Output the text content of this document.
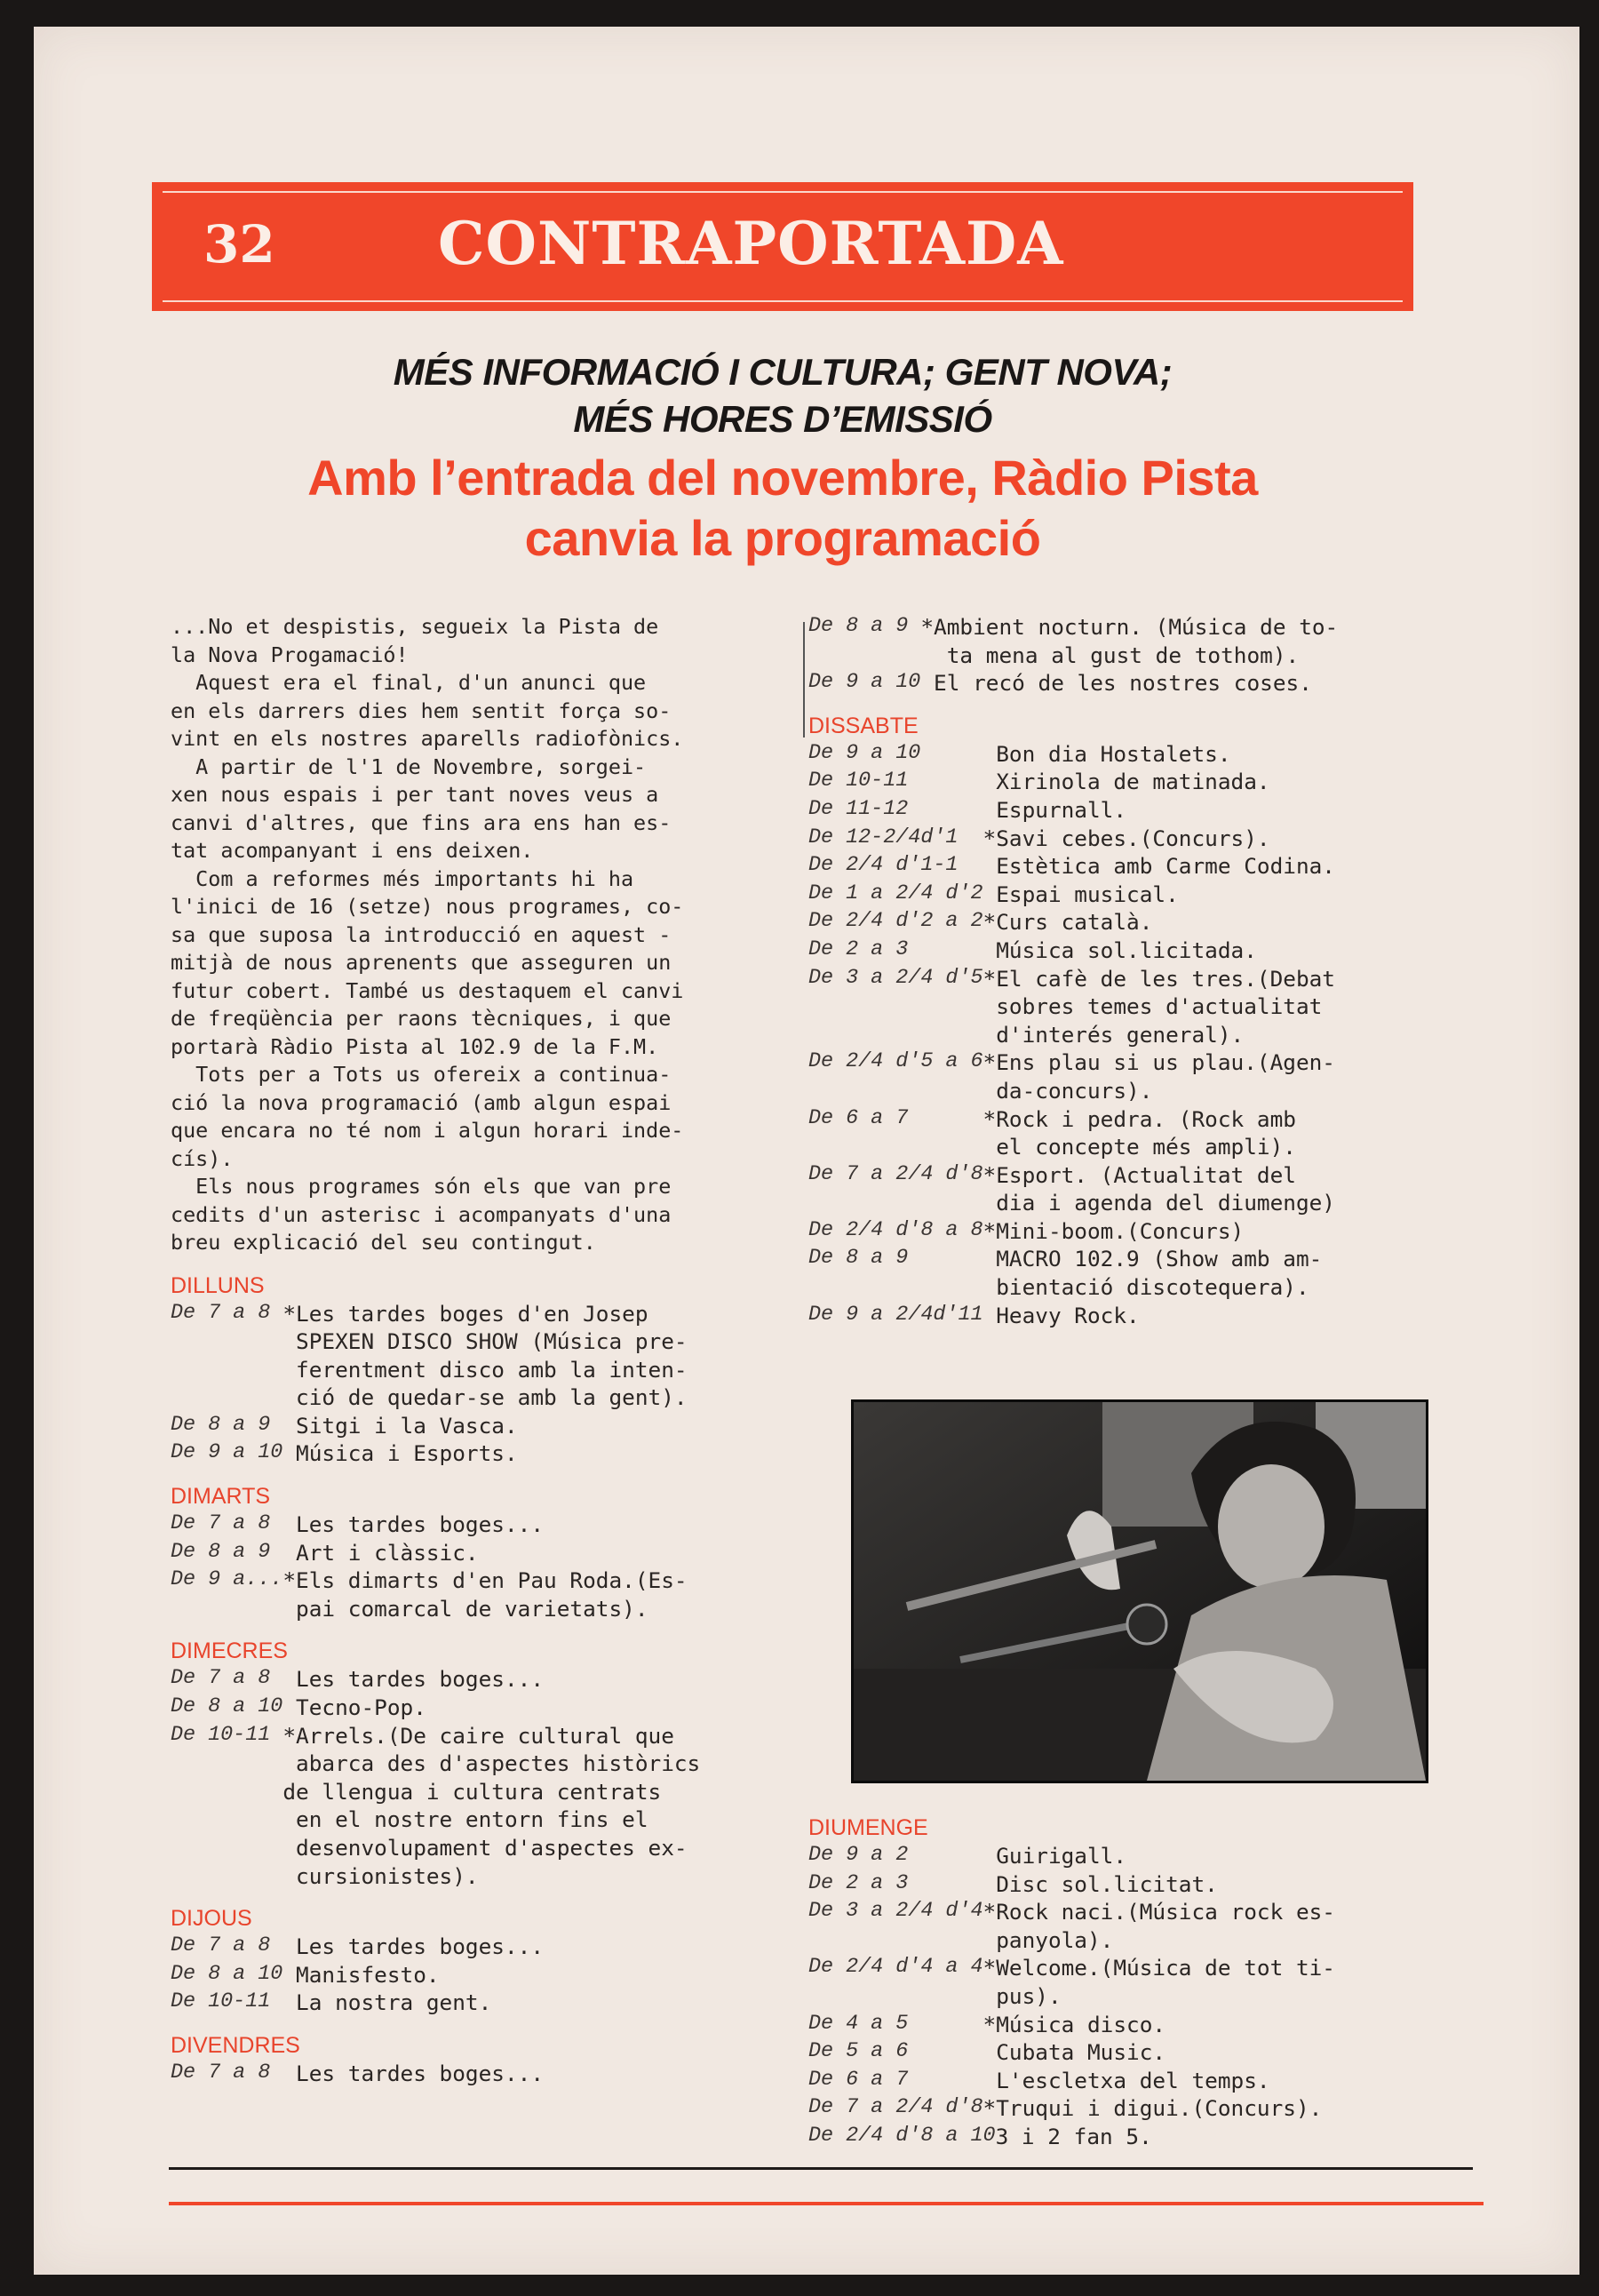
32	CONTRAPORTADA
MÉS INFORMACIÓ I CULTURA; GENT NOVA;
MÉS HORES D’EMISSIÓ
Amb l’entrada del novembre, Ràdio Pista
canvia la programació
...No et despistis, segueix la Pista de
la Nova Progamació!
Aquest era el final, d'un anunci que
en els darrers dies hem sentit força so-
vint en els nostres aparells radiofònics.
A partir de l'1 de Novembre, sorgei-
xen nous espais i per tant noves veus a
canvi d'altres, que fins ara ens han es-
tat acompanyant i ens deixen.
Com a reformes més importants hi ha
l'inici de 16 (setze) nous programes, co-
sa que suposa la introducció en aquest -
mitjà de nous aprenents que asseguren un
futur cobert. També us destaquem el canvi
de freqüència per raons tècniques, i que
portarà Ràdio Pista al 102.9 de la F.M.
Tots per a Tots us ofereix a continua-
ció la nova programació (amb algun espai
que encara no té nom i algun horari inde-
cís).
Els nous programes són els que van pre
cedits d'un asterisc i acompanyats d'una
breu explicació del seu contingut.
DILLUNS
De 7 a 8 *Les tardes boges d'en Josep

SPEXEN DISCO SHOW (Música pre-

ferentment disco amb la inten-

ció de quedar-se amb la gent).
De 8 a 9 Sitgi i la Vasca.
De 9 a 10 Música i Esports.
DIMARTS
De 7 a 8 Les tardes boges...
De 8 a 9 Art i clàssic.
De 9 a... *Els dimarts d'en Pau Roda.(Es-

pai comarcal de varietats).
DIMECRES
De 7 a 8 Les tardes boges...
De 8 a 10 Tecno-Pop.
De 10-11 *Arrels.(De caire cultural que

abarca des d'aspectes històrics

de llengua i cultura centrats

en el nostre entorn fins el

desenvolupament d'aspectes ex-

cursionistes).
DIJOUS
De 7 a 8 Les tardes boges...
De 8 a 10 Manisfesto.
De 10-11 La nostra gent.
DIVENDRES
De 7 a 8 Les tardes boges...
De 8 a 9 *Ambient nocturn. (Música de to-

ta mena al gust de tothom).
De 9 a 10 El recó de les nostres coses.
DISSABTE
De 9 a 10 Bon dia Hostalets.
De 10-11 Xirinola de matinada.
De 11-12 Espurnall.
De 12-2/4d'1 *Savi cebes.(Concurs).
De 2/4 d'1-1 Estètica amb Carme Codina.
De 1 a 2/4 d'2 Espai musical.
De 2/4 d'2 a 2 *Curs català.
De 2 a 3 Música sol.licitada.
De 3 a 2/4 d'5 *El cafè de les tres.(Debat

sobres temes d'actualitat

d'interés general).
De 2/4 d'5 a 6 *Ens plau si us plau.(Agen-

da-concurs).
De 6 a 7 *Rock i pedra. (Rock amb

el concepte més ampli).
De 7 a 2/4 d'8 *Esport. (Actualitat del

dia i agenda del diumenge)
De 2/4 d'8 a 8 *Mini-boom.(Concurs)
De 8 a 9 MACRO 102.9 (Show amb am-

bientació discotequera).
De 9 a 2/4d'11 Heavy Rock.
DIUMENGE
De 9 a 2 Guirigall.
De 2 a 3 Disc sol.licitat.
De 3 a 2/4 d'4 *Rock naci.(Música rock es-

panyola).
De 2/4 d'4 a 4 *Welcome.(Música de tot ti-

pus).
De 4 a 5 *Música disco.
De 5 a 6 Cubata Music.
De 6 a 7 L'escletxa del temps.
De 7 a 2/4 d'8 *Truqui i digui.(Concurs).
De 2/4 d'8 a 10 3 i 2 fan 5.
